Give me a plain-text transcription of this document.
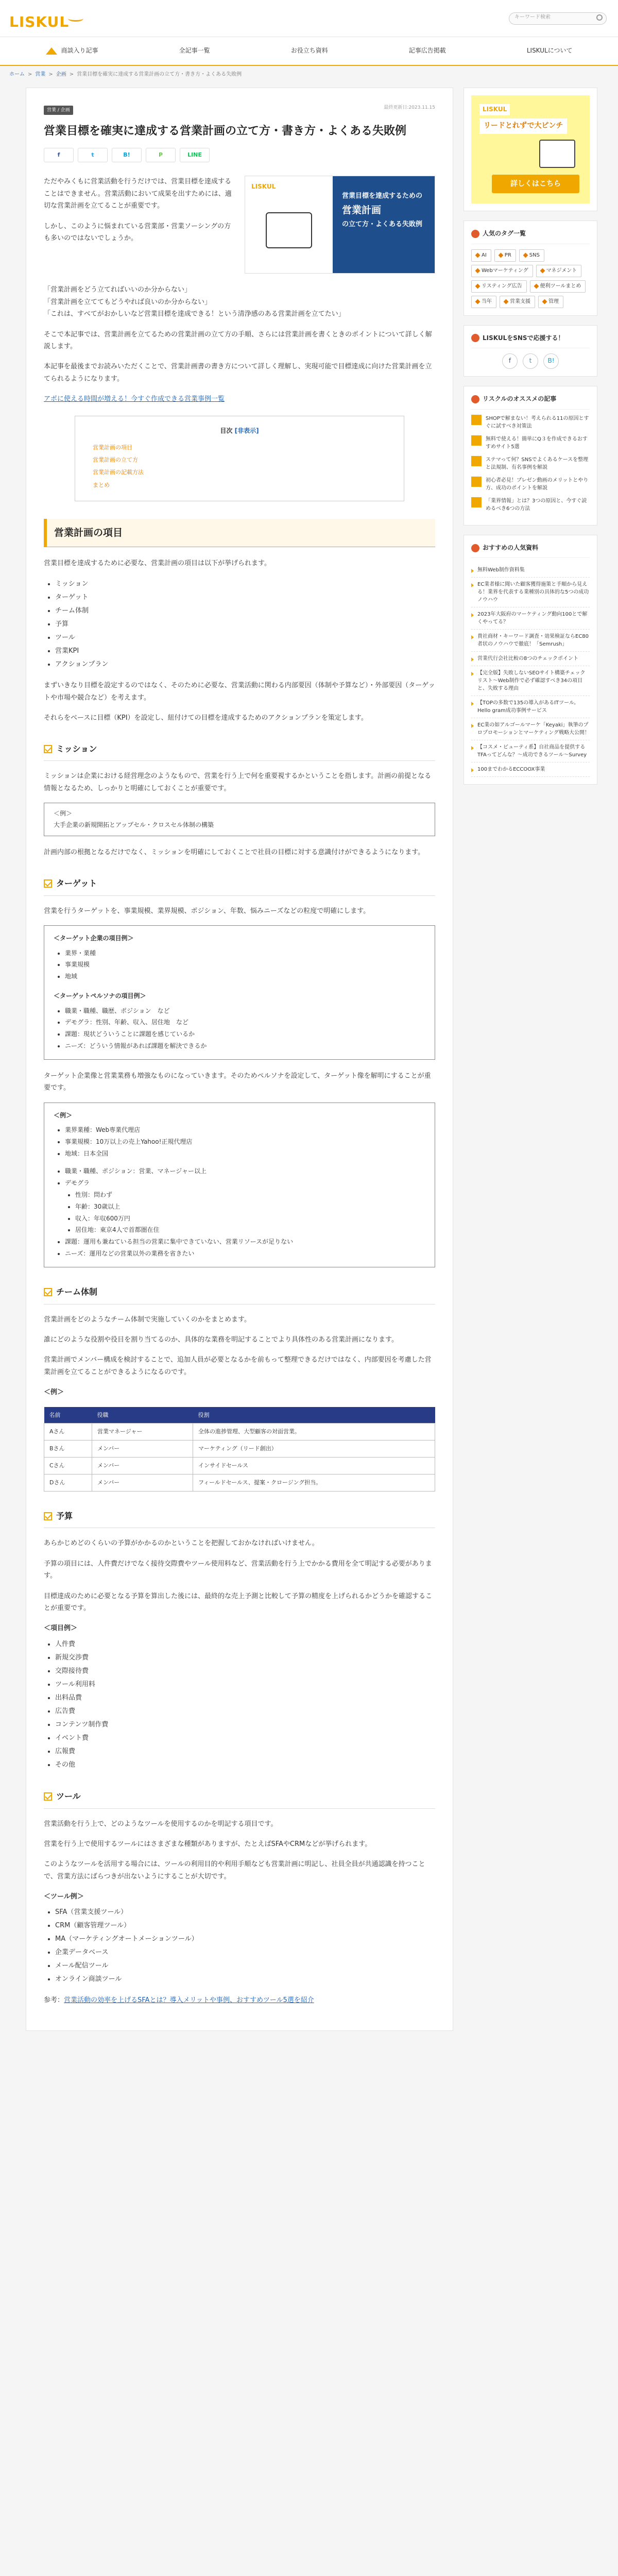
LISKUL	キーワード検索
商談入り記事	全記事一覧	お役立ち資料	記事広告掲載	LISKULについて
ホーム > 営業 > 企画 > 営業目標を確実に達成する営業計画の立て方・書き方・よくある失敗例
営業 / 企画	最終更新日:2023.11.15
営業目標を確実に達成する営業計画の立て方・書き方・よくある失敗例
f	t	B!	P	LINE

ただやみくもに営業活動を行うだけでは、営業目標を達成することはできません。営業活動において成果を出すためには、適切な営業計画を立てることが重要です。

しかし、このように悩まれている営業部・営業ソーシングの方も多いのではないでしょうか。

LISKUL
営業目標を達成するための
営業計画
の立て方・よくある失敗例

「営業計画をどう立てればいいのか分からない」

「営業計画を立ててもどうやれば良いのか分からない」

「これは、すべてがおかしいなど営業目標を達成できる！という清浄感のある営業計画を立てたい」

そこで本記事では、営業計画を立てるための営業計画の立て方の手順、さらには営業計画を書くときのポイントについて詳しく解説します。

本記事を最後までお読みいただくことで、営業計画書の書き方について詳しく理解し、実現可能で目標達成に向けた営業計画を立てられるようになります。

アポに使える時間が増える！今すぐ作成できる営業事例一覧

目次 [非表示]
営業計画の項目
営業計画の立て方
営業計画の記載方法
まとめ
営業計画の項目

営業目標を達成するために必要な、営業計画の項目は以下が挙げられます。

• ミッション
• ターゲット
• チーム体制
• 予算
• ツール
• 営業KPI
• アクションプラン

まずいきなり目標を設定するのではなく、そのために必要な、営業活動に関わる内部要因（体制や予算など）・外部要因（ターゲットや市場や競合など）を考えます。

それらをベースに目標（KPI）を設定し、紐付けての目標を達成するためのアクションプランを策定します。

ミッション

ミッションは企業における経営理念のようなもので、営業を行う上で何を重要視するかということを指します。計画の前提となる情報となるため、しっかりと明確にしておくことが重要です。

＜例＞
大手企業の新規開拓とアップセル・クロスセル体制の構築

計画内部の根拠となるだけでなく、ミッションを明確にしておくことで社員の目標に対する意識付けができるようになります。

ターゲット

営業を行うターゲットを、事業規模、業界規模、ポジション、年数、悩みニーズなどの粒度で明確にします。

＜ターゲット企業の項目例＞
• 業界・業種
• 事業規模
• 地域
＜ターゲットペルソナの項目例＞
• 職業・職種、職歴、ポジション　など
• デモグラ：性別、年齢、収入、居住地　など
• 課題：現状どういうことに課題を感じているか
• ニーズ：どういう情報があれば課題を解決できるか

ターゲット企業像と営業業務も増強なものになっていきます。そのためペルソナを設定して、ターゲット像を解明にすることが重要です。

＜例＞
• 業界業種：Web専業代理店
• 事業規模：10万以上の売上Yahoo!正規代理店
• 地域：日本全国
• 職業・職種、ポジション：営業、マネージャー以上
• デモグラ
• 性別：問わず
• 年齢：30歳以上
• 収入：年収600万円
• 居住地：東京4人で首都圏在住
• 課題：運用も兼ねている担当の営業に集中できていない、営業リソースが足りない
• ニーズ：運用などの営業以外の業務を省きたい
チーム体制

営業計画をどのようなチーム体制で実施していくのかをまとめます。

誰にどのような役割や役目を割り当てるのか、具体的な業務を明記することでより具体性のある営業計画になります。

営業計画でメンバー構成を検討することで、追加人員が必要となるかを前もって整理できるだけではなく、内部要因を考慮した営業計画を立てることができるようになるのです。

＜例＞

名前	役職	役割
Aさん	営業マネージャー	全体の進捗管理、大型顧客の対面営業。
Bさん	メンバー	マーケティング（リード創出）
Cさん	メンバー	インサイドセールス
Dさん	メンバー	フィールドセールス、提案・クロージング担当。
予算

あらかじめどのくらいの予算がかかるのかということを把握しておかなければいけません。

予算の項目には、人件費だけでなく接待交際費やツール使用料など、営業活動を行う上でかかる費用を全て明記する必要があります。

目標達成のために必要となる予算を算出した後には、最終的な売上予測と比較して予算の精度を上げられるかどうかを確認することが重要です。

＜項目例＞

• 人件費
• 新規交渉費
• 交際接待費
• ツール利用料
• 出料品費
• 広告費
• コンテンツ制作費
• イベント費
• 広報費
• その他
ツール

営業活動を行う上で、どのようなツールを使用するのかを明記する項目です。

営業を行う上で使用するツールにはさまざまな種類がありますが、たとえばSFAやCRMなどが挙げられます。

このようなツールを活用する場合には、ツールの利用目的や利用手順なども営業計画に明記し、社員全員が共通認識を持つことで、営業方法にばらつきが出ないようにすることが大切です。

＜ツール例＞

• SFA（営業支援ツール）
• CRM（顧客管理ツール）
• MA（マーケティングオートメーションツール）
• 企業データベース
• メール配信ツール
• オンライン商談ツール

参考：営業活動の効率を上げるSFAとは？導入メリットや事例、おすすめツール5選を紹介

LISKUL
リードとれずで大ピンチ
詳しくはこちら
人気のタグ一覧
AI	PR	SNS
Webマーケティング	マネジメント
リスティング広告	便利ツールまとめ
当年	営業支援	管理
LISKULをSNSで応援する！
f	t	B!
リスクルのオススメの記事
SHOPで解まない！考えられる11の原因とすぐに試すべき対策法
無料で使える！簡単にQ３を作成できるおすすめサイト5選
ステマって何？SNSでよくあるケースを整理と法規制、有名事例を解説
初心者必見！プレゼン動画のメリットとやり方、成功のポイントを解説
「業界情報」とは？3つの原因と、今すぐ読めるべき6つの方法
おすすめの人気資料
無料Web制作資料集
EC業者様に聞いた顧客獲得施策と手順から見える！業界を代表する業種別の具体的な5つの成功ノウハウ
2023年大阪府のマーケティング動向100とで解くやってる？
貴社商材・キーワード調査・効果検証ならEC80者状のノウハウで徹底！「Semrush」
営業代行会社比較の8つのチェックポイント
【完全版】失敗しないSEOサイト構築チェックリスト～Web制作で必ず確認すべき34の項目と、失敗する理由
【TOPの多数で135の導入があるITツール。Hello gram成功事例サービス
EC業の如アルゴールマーケ「Keyaki」執筆のプロプロモーションとマーケティング戦略大公開！
【コスメ・ビューティ系】自社商品を提供するTFAってどんな？～成功できるツール～Survey
100までわかるECCOOX事業
